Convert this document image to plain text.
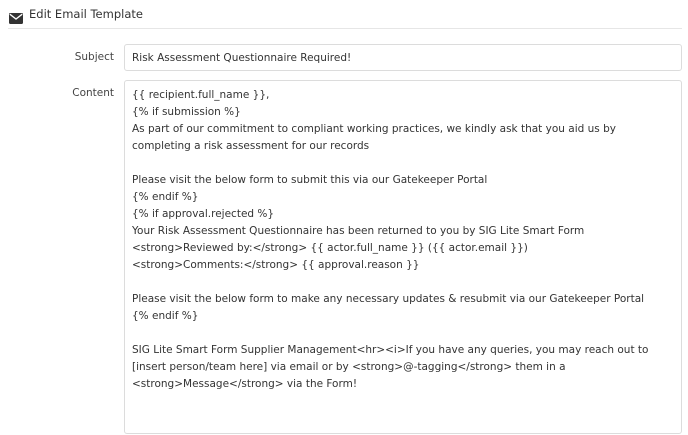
Edit Email Template
Subject Risk Assessment Questionnaire Required!
Content {{ recipient.full_name }},
{% if submission %}
As part of our commitment to compliant working practices, we kindly ask that you aid us by completing a risk assessment for our records
Please visit the below form to submit this via our Gatekeeper Portal
{% endif %}
{% if approval.rejected %}
Your Risk Assessment Questionnaire has been returned to you by SIG Lite Smart Form
<strong>Reviewed by:</strong> {{ actor.full_name }} ({{ actor.email }})
<strong>Comments:</strong> {{ approval.reason }}
Please visit the below form to make any necessary updates & resubmit via our Gatekeeper Portal
{% endif %}
SIG Lite Smart Form Supplier Management<hr><i>If you have any queries, you may reach out to [insert person/team here] via email or by <strong>@-tagging</strong> them in a <strong>Message</strong> via the Form!
